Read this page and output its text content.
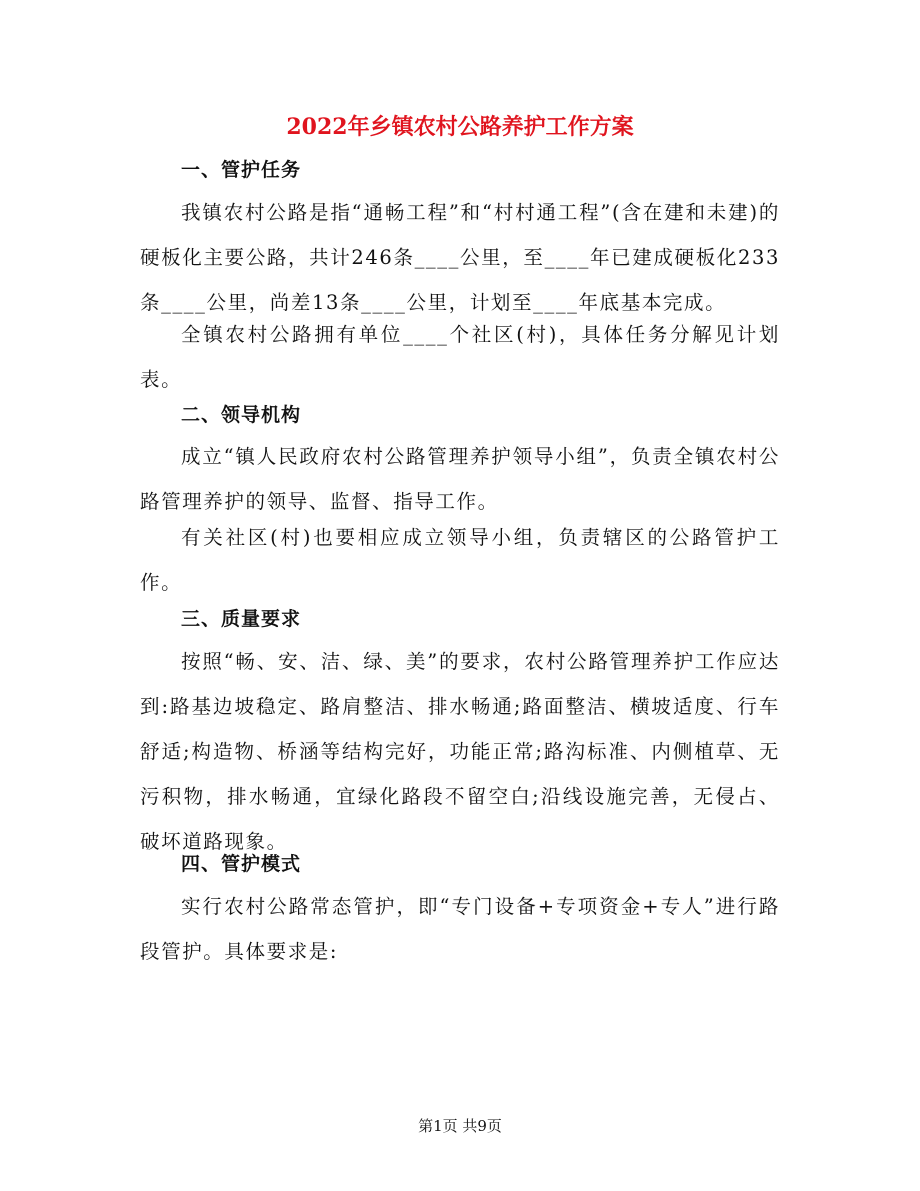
2022年乡镇农村公路养护工作方案
一、管护任务
我镇农村公路是指“通畅工程”和“村村通工程”(含在建和未建)的硬板化主要公路，共计246条____公里，至____年已建成硬板化233条____公里，尚差13条____公里，计划至____年底基本完成。
全镇农村公路拥有单位____个社区(村)，具体任务分解见计划表。
二、领导机构
成立“镇人民政府农村公路管理养护领导小组”，负责全镇农村公路管理养护的领导、监督、指导工作。
有关社区(村)也要相应成立领导小组，负责辖区的公路管护工作。
三、质量要求
按照“畅、安、洁、绿、美”的要求，农村公路管理养护工作应达到:路基边坡稳定、路肩整洁、排水畅通;路面整洁、横坡适度、行车舒适;构造物、桥涵等结构完好，功能正常;路沟标准、内侧植草、无污积物，排水畅通，宜绿化路段不留空白;沿线设施完善，无侵占、破坏道路现象。
四、管护模式
实行农村公路常态管护，即“专门设备+专项资金+专人”进行路段管护。具体要求是:
第1页 共9页
